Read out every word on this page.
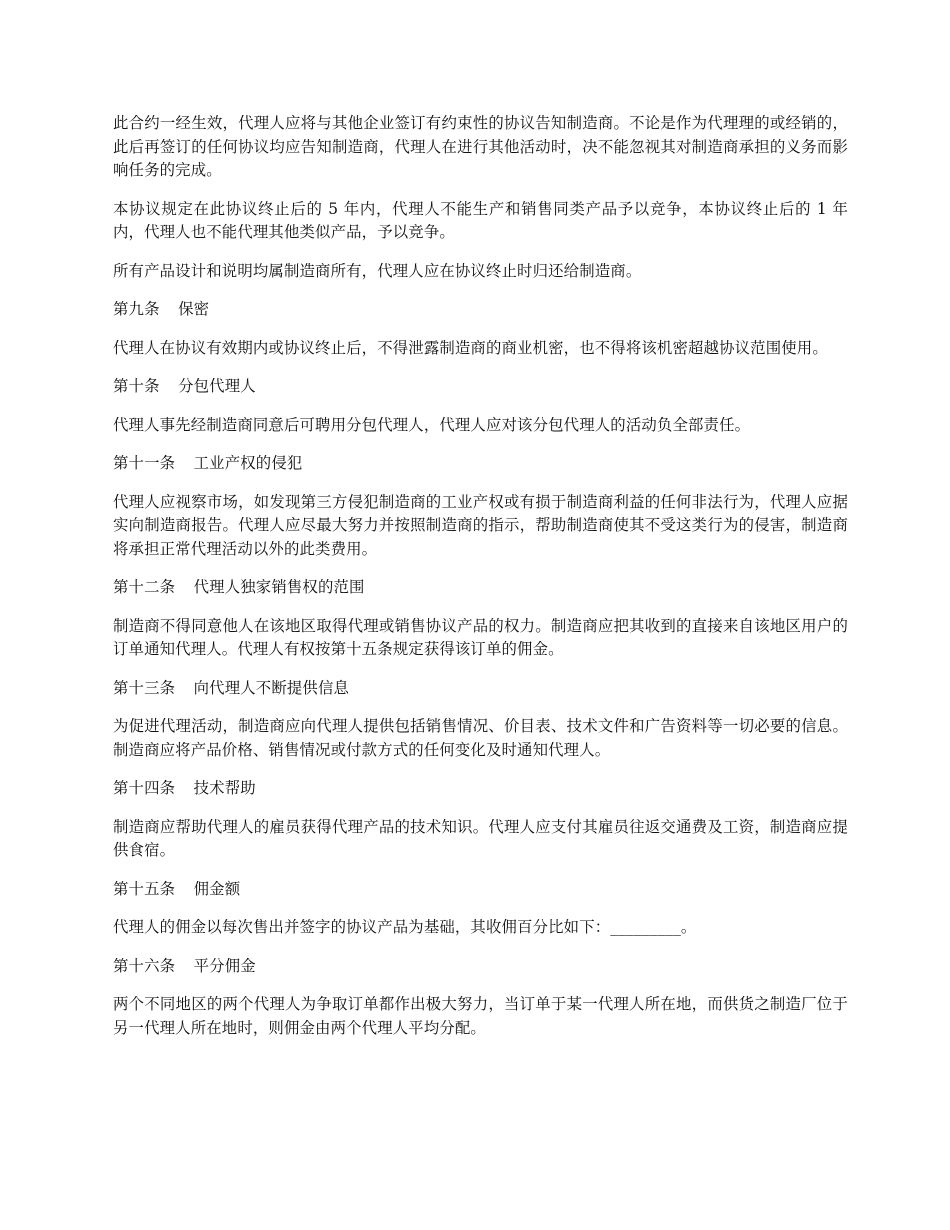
此合约一经生效，代理人应将与其他企业签订有约束性的协议告知制造商。不论是作为代理理的或经销的，此后再签订的任何协议均应告知制造商，代理人在进行其他活动时，决不能忽视其对制造商承担的义务而影响任务的完成。

本协议规定在此协议终止后的 5 年内，代理人不能生产和销售同类产品予以竞争，本协议终止后的 1 年内，代理人也不能代理其他类似产品，予以竞争。

所有产品设计和说明均属制造商所有，代理人应在协议终止时归还给制造商。

第九条 保密

代理人在协议有效期内或协议终止后，不得泄露制造商的商业机密，也不得将该机密超越协议范围使用。

第十条 分包代理人

代理人事先经制造商同意后可聘用分包代理人，代理人应对该分包代理人的活动负全部责任。

第十一条 工业产权的侵犯

代理人应视察市场，如发现第三方侵犯制造商的工业产权或有损于制造商利益的任何非法行为，代理人应据实向制造商报告。代理人应尽最大努力并按照制造商的指示，帮助制造商使其不受这类行为的侵害，制造商将承担正常代理活动以外的此类费用。

第十二条 代理人独家销售权的范围

制造商不得同意他人在该地区取得代理或销售协议产品的权力。制造商应把其收到的直接来自该地区用户的订单通知代理人。代理人有权按第十五条规定获得该订单的佣金。

第十三条 向代理人不断提供信息

为促进代理活动，制造商应向代理人提供包括销售情况、价目表、技术文件和广告资料等一切必要的信息。制造商应将产品价格、销售情况或付款方式的任何变化及时通知代理人。

第十四条 技术帮助

制造商应帮助代理人的雇员获得代理产品的技术知识。代理人应支付其雇员往返交通费及工资，制造商应提供食宿。

第十五条 佣金额

代理人的佣金以每次售出并签字的协议产品为基础，其收佣百分比如下：_________。

第十六条 平分佣金

两个不同地区的两个代理人为争取订单都作出极大努力，当订单于某一代理人所在地，而供货之制造厂位于另一代理人所在地时，则佣金由两个代理人平均分配。
